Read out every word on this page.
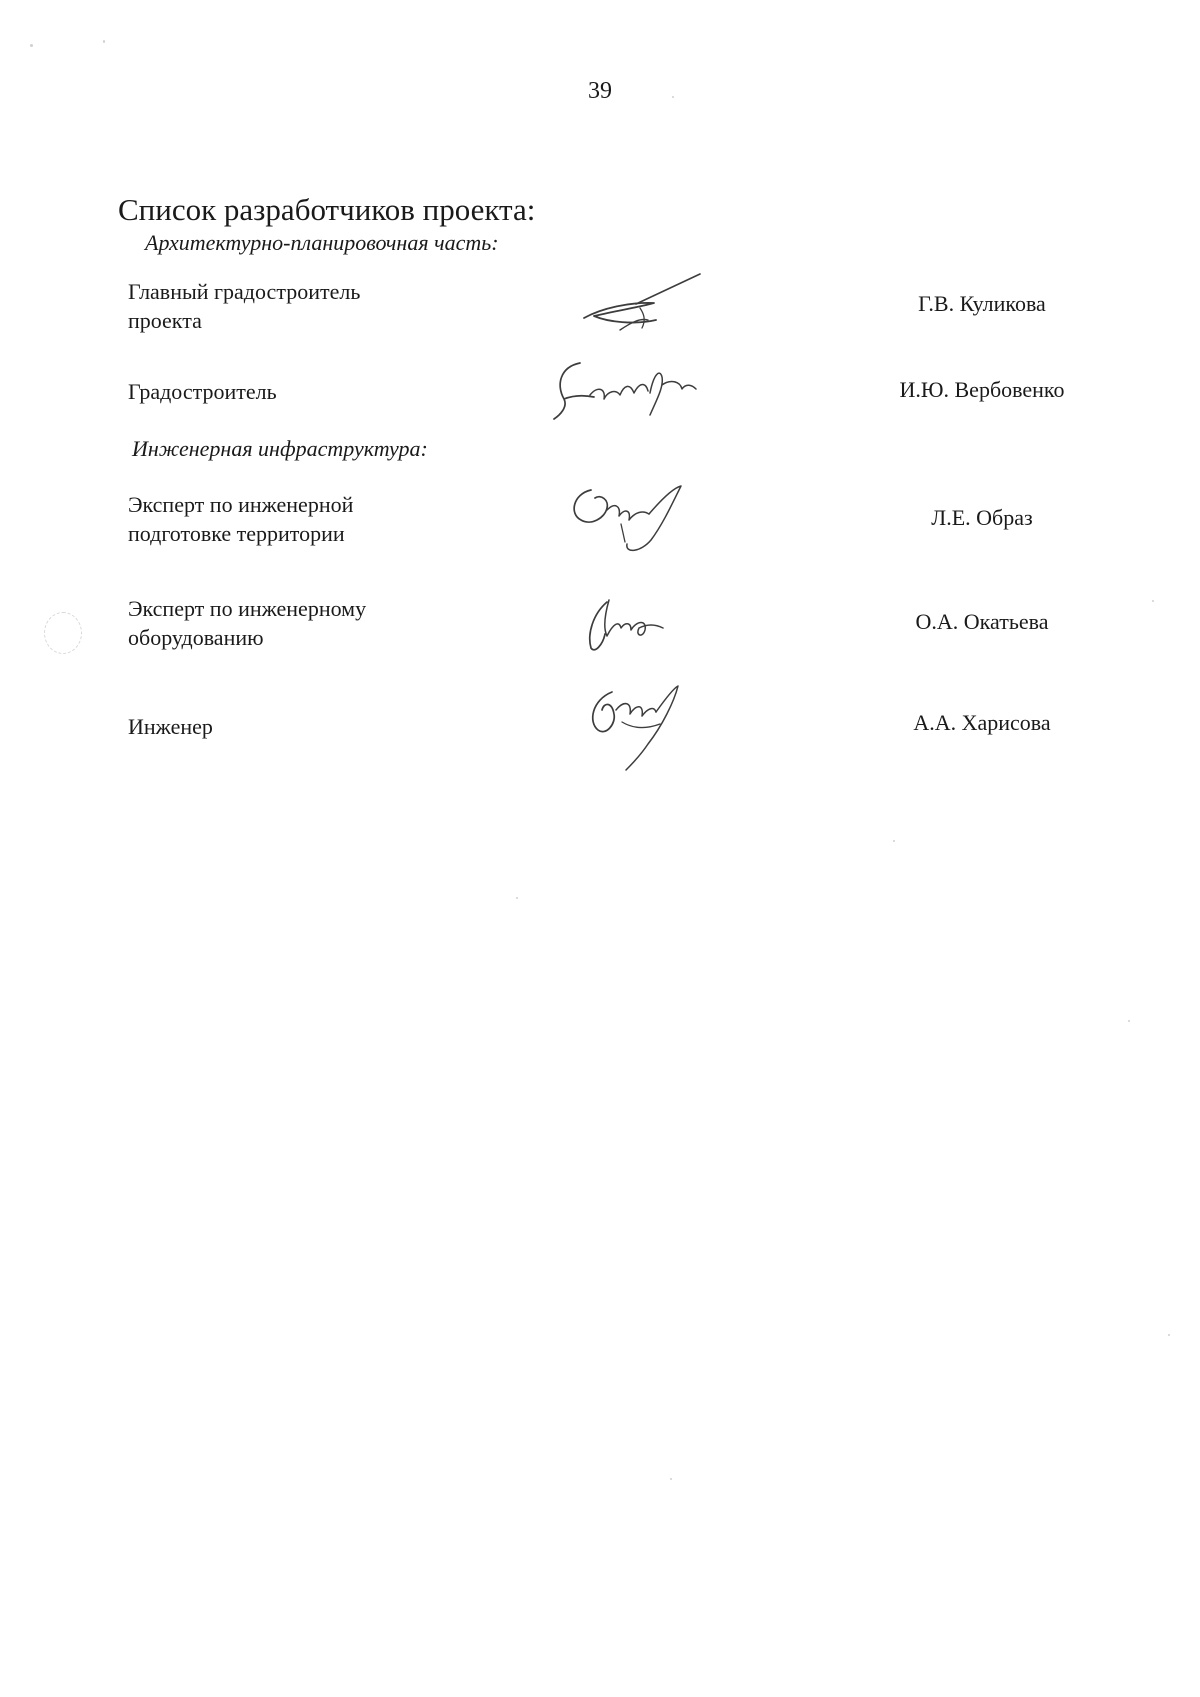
39
Список разработчиков проекта:
Архитектурно-планировочная часть:
Главный градостроитель
проекта
Г.В. Куликова
Градостроитель	И.Ю. Вербовенко
Инженерная инфраструктура:
Эксперт по инженерной
подготовке территории
Л.Е. Образ
Эксперт по инженерному
оборудованию
О.А. Окатьева
Инженер	А.А. Харисова
